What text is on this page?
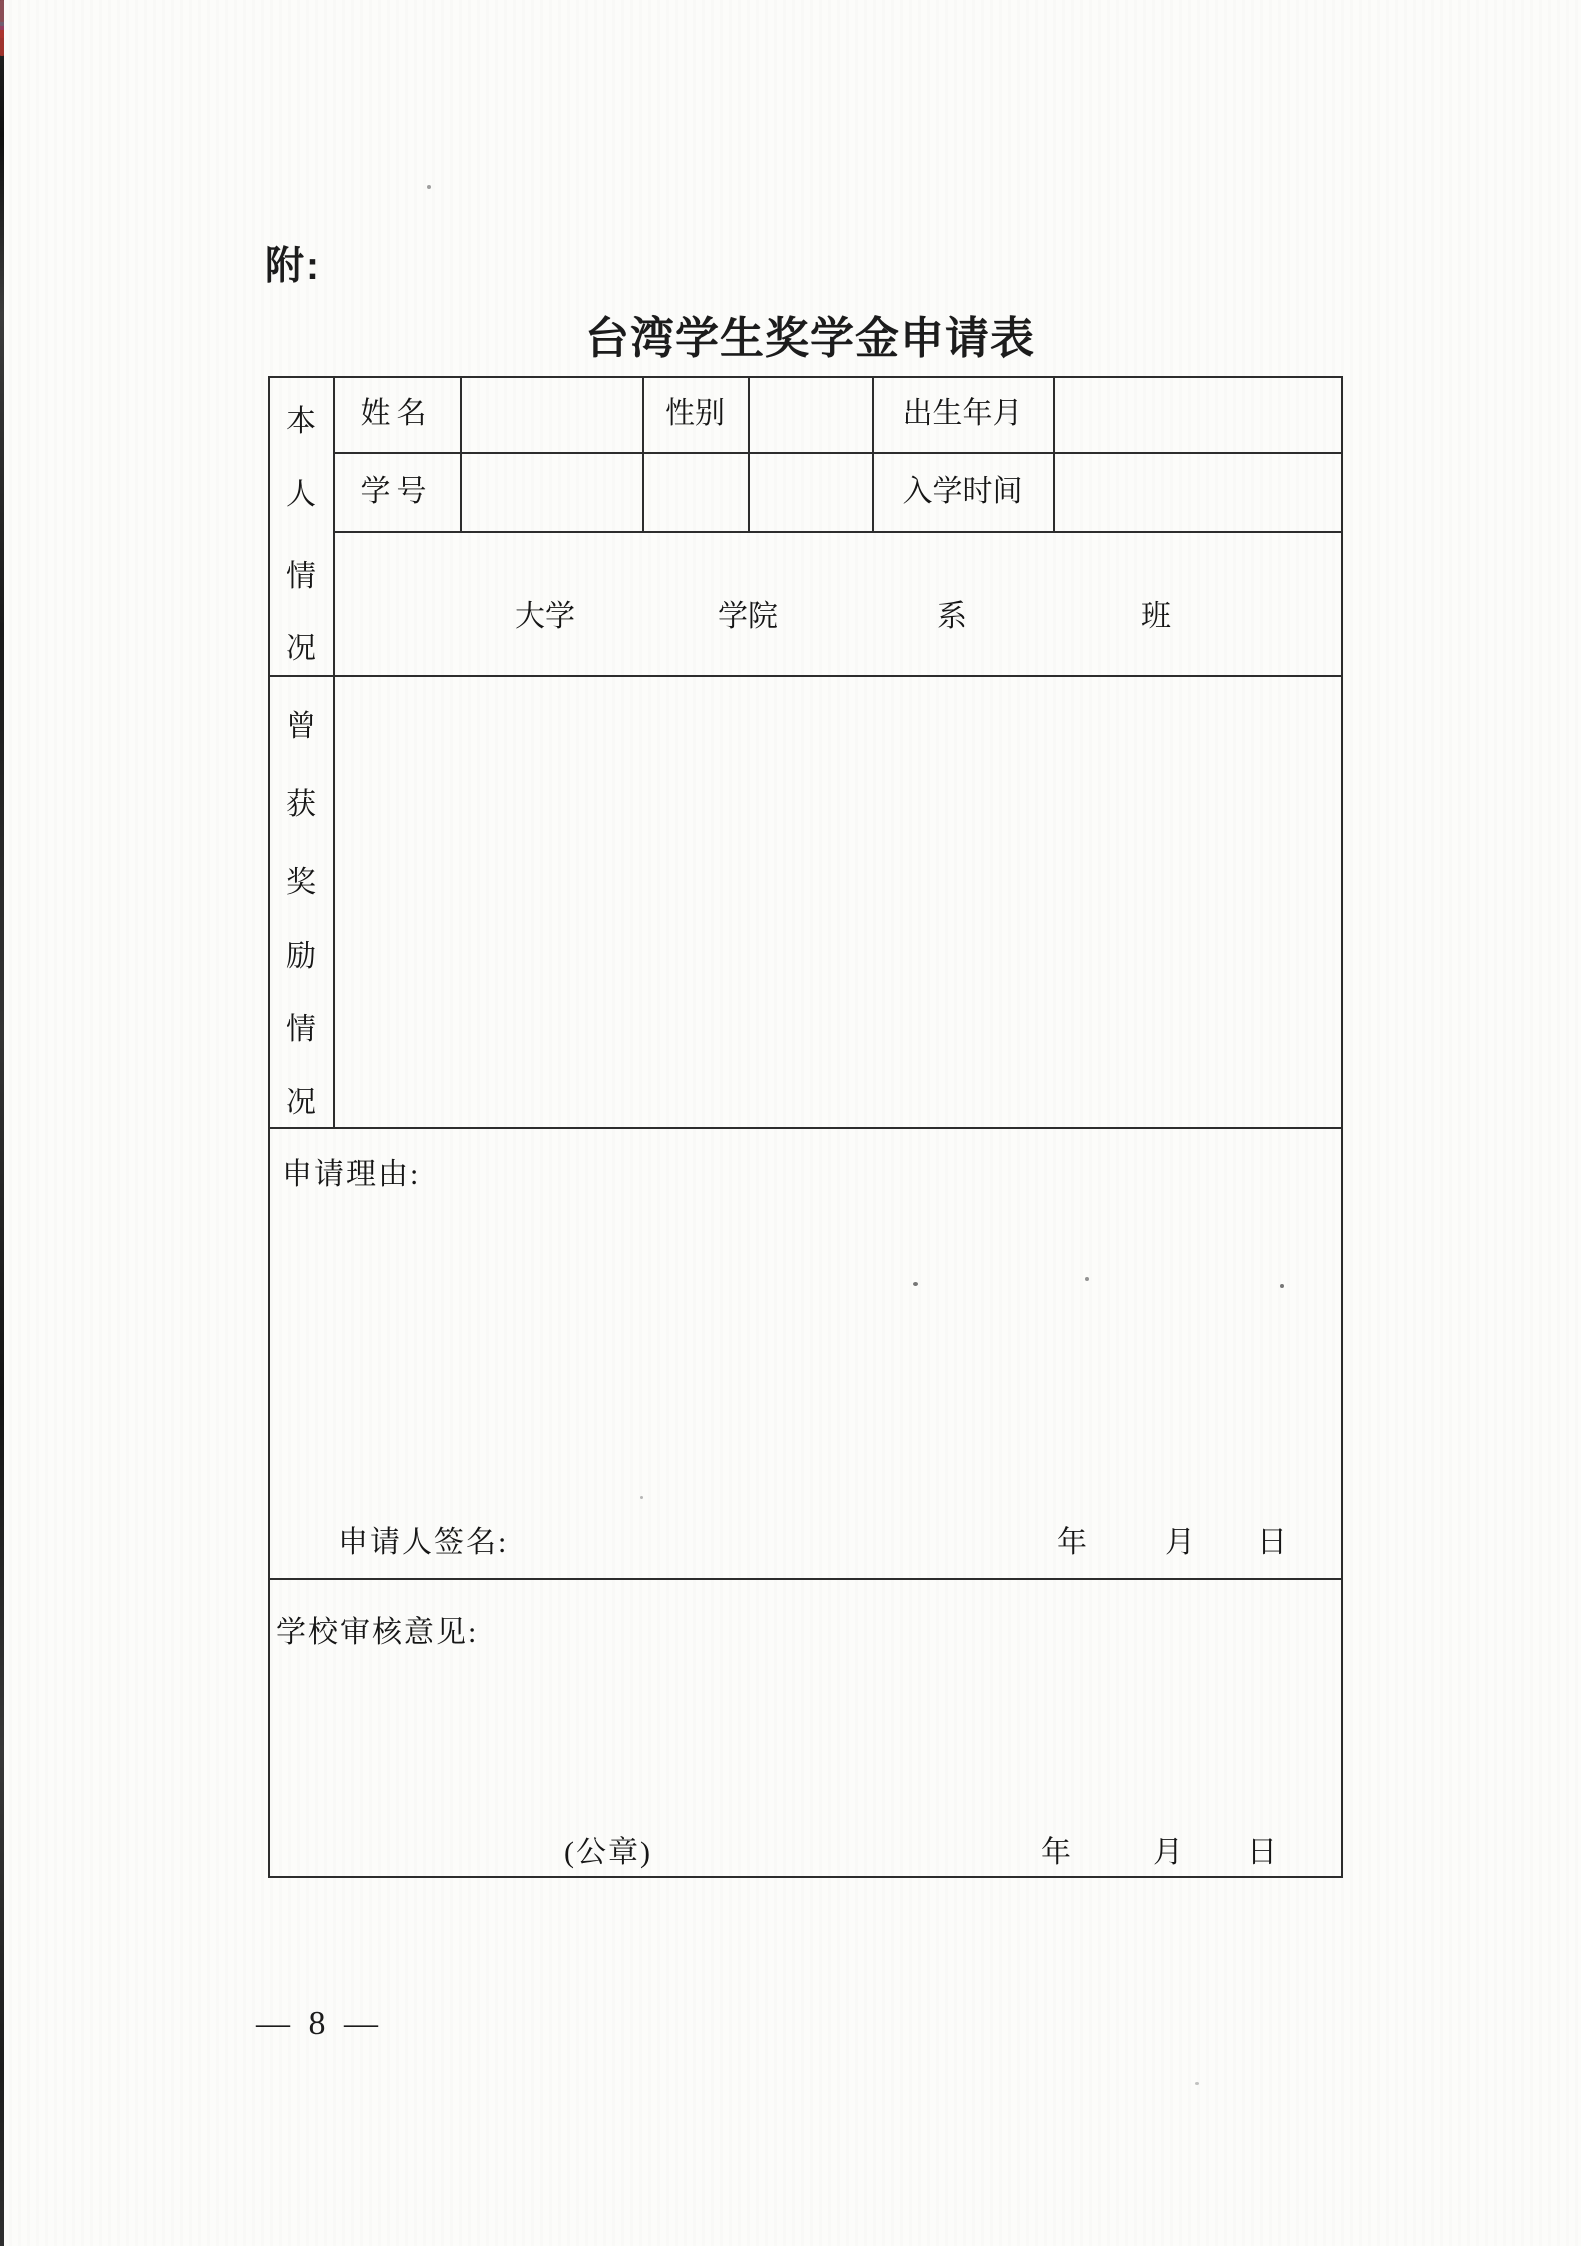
附:
台湾学生奖学金申请表
本
人
情
况
姓名	性别	出生年月
学号	入学时间
大学	学院	系	班
曾
获
奖
励
情
况
申请理由:
申请人签名:	年	月 日
学校审核意见:
(公章)	年	月 日
— 8 —
